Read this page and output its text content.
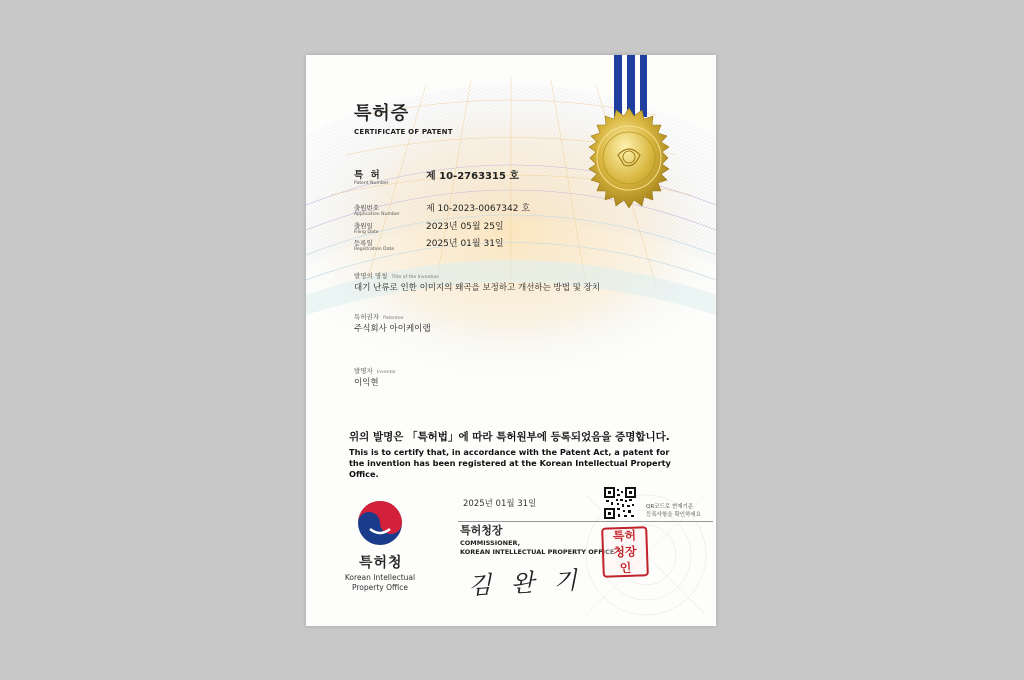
특허증
CERTIFICATE OF PATENT
특 허
Patent Number
제 10-2763315 호
출원번호
Application Number
제 10-2023-0067342 호
출원일
Filing Date
2023년 05월 25일
등록일
Registration Date
2025년 01월 31일
발명의 명칭 Title of the Invention
대기 난류로 인한 이미지의 왜곡을 보정하고 개선하는 방법 및 장치
특허권자 Patentee
주식회사 아이케이랩
발명자 Inventor
이익현
위의 발명은 「특허법」에 따라 특허원부에 등록되었음을 증명합니다.
This is to certify that, in accordance with the Patent Act, a patent for the invention has been registered at the Korean Intellectual Property Office.
특허청
Korean Intellectual
Property Office
2025년 01월 31일	QR코드로 현재기준
등록사항을 확인하세요
특허청장
COMMISSIONER,
KOREAN INTELLECTUAL PROPERTY OFFICE
김 완 기
특허청장인
